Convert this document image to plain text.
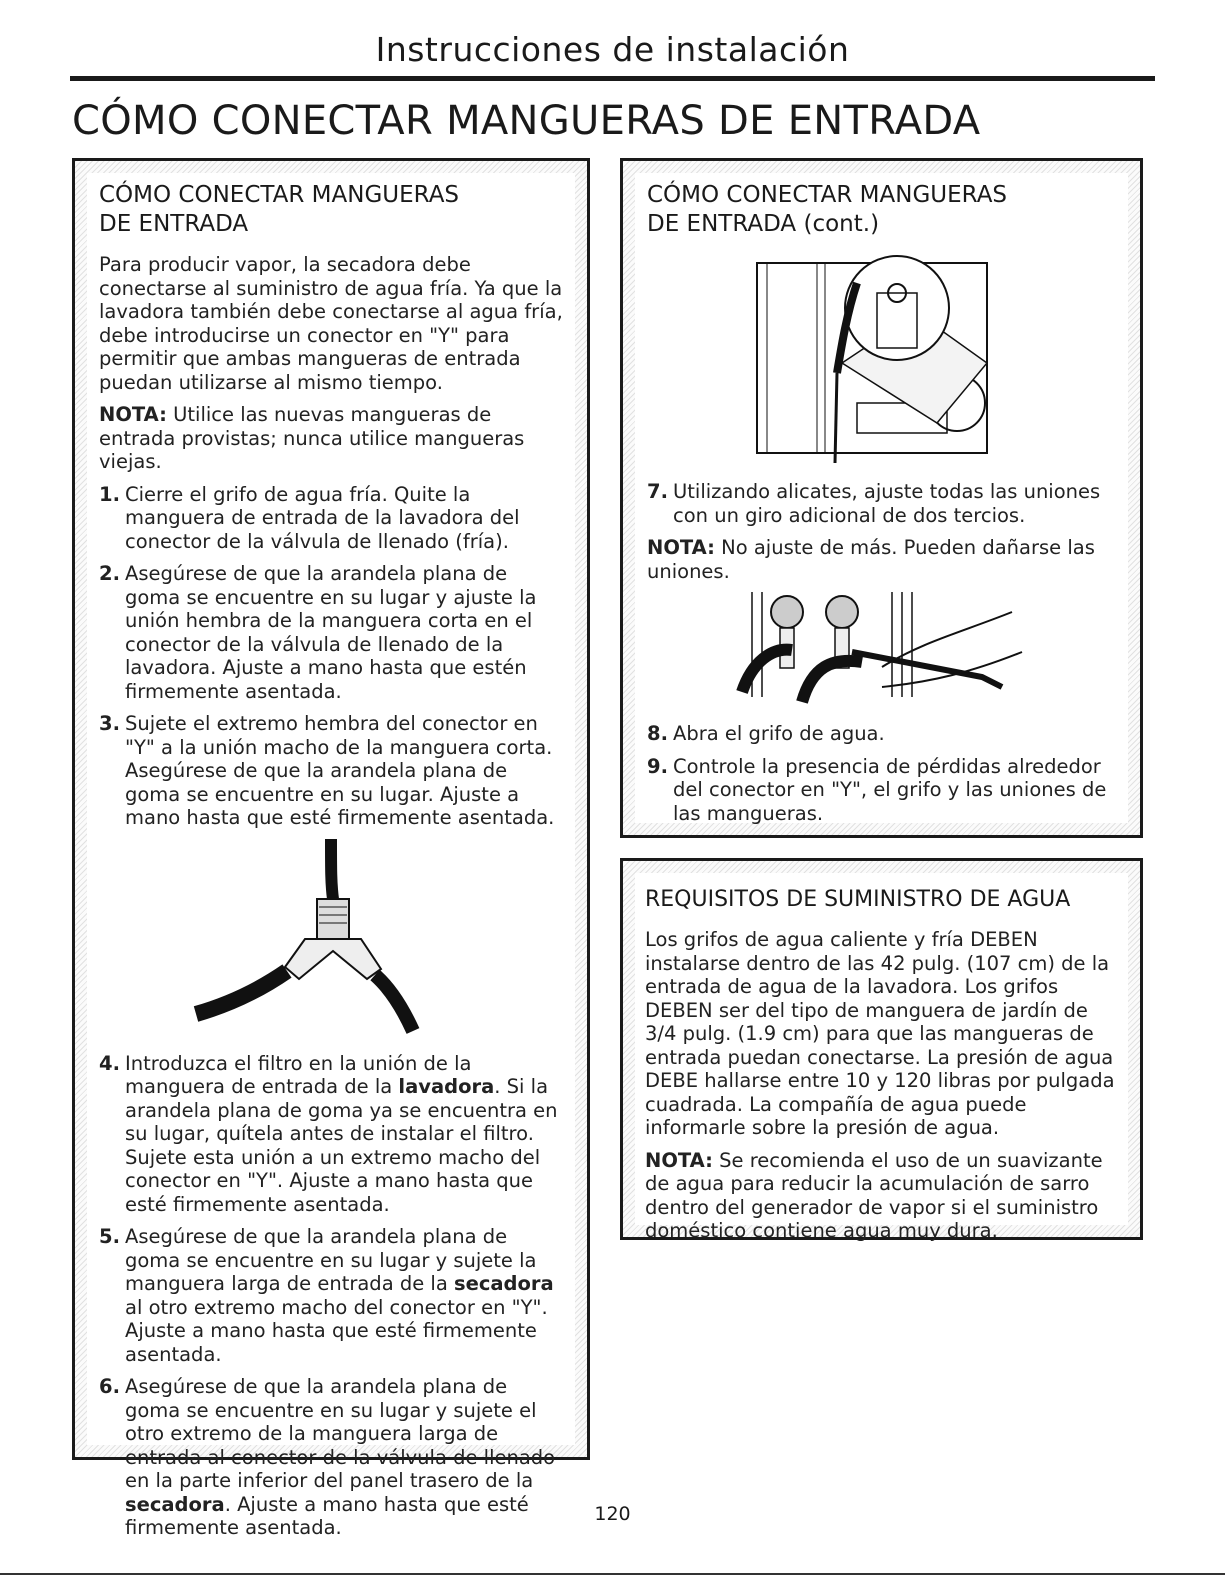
Instrucciones de instalación
CÓMO CONECTAR MANGUERAS DE ENTRADA
CÓMO CONECTAR MANGUERAS
DE ENTRADA

Para producir vapor, la secadora debe conectarse al suministro de agua fría. Ya que la lavadora también debe conectarse al agua fría, debe introducirse un conector en "Y" para permitir que ambas mangueras de entrada puedan utilizarse al mismo tiempo.

NOTA: Utilice las nuevas mangueras de entrada provistas; nunca utilice mangueras viejas.

1. Cierre el grifo de agua fría. Quite la manguera de entrada de la lavadora del conector de la válvula de llenado (fría).
2. Asegúrese de que la arandela plana de goma se encuentre en su lugar y ajuste la unión hembra de la manguera corta en el conector de la válvula de llenado de la lavadora. Ajuste a mano hasta que estén firmemente asentada.
3. Sujete el extremo hembra del conector en "Y" a la unión macho de la manguera corta. Asegúrese de que la arandela plana de goma se encuentre en su lugar. Ajuste a mano hasta que esté firmemente asentada.
4. Introduzca el filtro en la unión de la manguera de entrada de la lavadora. Si la arandela plana de goma ya se encuentra en su lugar, quítela antes de instalar el filtro. Sujete esta unión a un extremo macho del conector en "Y". Ajuste a mano hasta que esté firmemente asentada.
5. Asegúrese de que la arandela plana de goma se encuentre en su lugar y sujete la manguera larga de entrada de la secadora al otro extremo macho del conector en "Y". Ajuste a mano hasta que esté firmemente asentada.
6. Asegúrese de que la arandela plana de goma se encuentre en su lugar y sujete el otro extremo de la manguera larga de entrada al conector de la válvula de llenado en la parte inferior del panel trasero de la secadora. Ajuste a mano hasta que esté firmemente asentada.
CÓMO CONECTAR MANGUERAS
DE ENTRADA (cont.)
7. Utilizando alicates, ajuste todas las uniones con un giro adicional de dos tercios.

NOTA: No ajuste de más. Pueden dañarse las uniones.

8. Abra el grifo de agua.
9. Controle la presencia de pérdidas alrededor del conector en "Y", el grifo y las uniones de las mangueras.
REQUISITOS DE SUMINISTRO DE AGUA

Los grifos de agua caliente y fría DEBEN instalarse dentro de las 42 pulg. (107 cm) de la entrada de agua de la lavadora. Los grifos DEBEN ser del tipo de manguera de jardín de 3/4 pulg. (1.9 cm) para que las mangueras de entrada puedan conectarse. La presión de agua DEBE hallarse entre 10 y 120 libras por pulgada cuadrada. La compañía de agua puede informarle sobre la presión de agua.

NOTA: Se recomienda el uso de un suavizante de agua para reducir la acumulación de sarro dentro del generador de vapor si el suministro doméstico contiene agua muy dura.

120
